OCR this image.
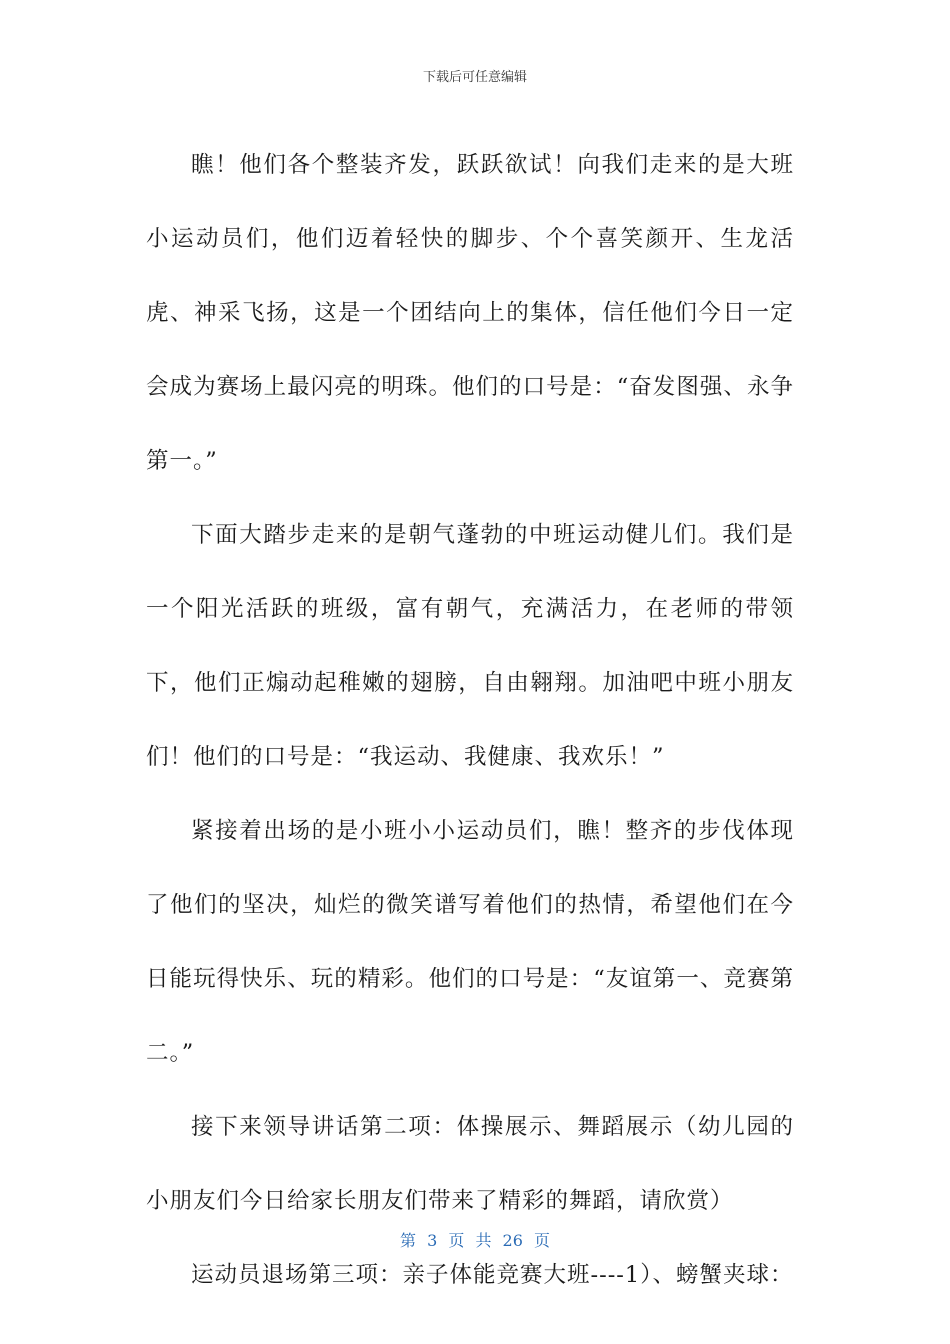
下载后可任意编辑

瞧！他们各个整装齐发，跃跃欲试！向我们走来的是大班小运动员们，他们迈着轻快的脚步、个个喜笑颜开、生龙活虎、神采飞扬，这是一个团结向上的集体，信任他们今日一定会成为赛场上最闪亮的明珠。他们的口号是：“奋发图强、永争第一。”

下面大踏步走来的是朝气蓬勃的中班运动健儿们。我们是一个阳光活跃的班级，富有朝气，充满活力，在老师的带领下，他们正煽动起稚嫩的翅膀，自由翱翔。加油吧中班小朋友们！他们的口号是：“我运动、我健康、我欢乐！”

紧接着出场的是小班小小运动员们，瞧！整齐的步伐体现了他们的坚决，灿烂的微笑谱写着他们的热情，希望他们在今日能玩得快乐、玩的精彩。他们的口号是：“友谊第一、竞赛第二。”

接下来领导讲话第二项：体操展示、舞蹈展示（幼儿园的小朋友们今日给家长朋友们带来了精彩的舞蹈，请欣赏）

运动员退场第三项：亲子体能竞赛大班----1）、螃蟹夹球：

第 3 页 共 26 页
